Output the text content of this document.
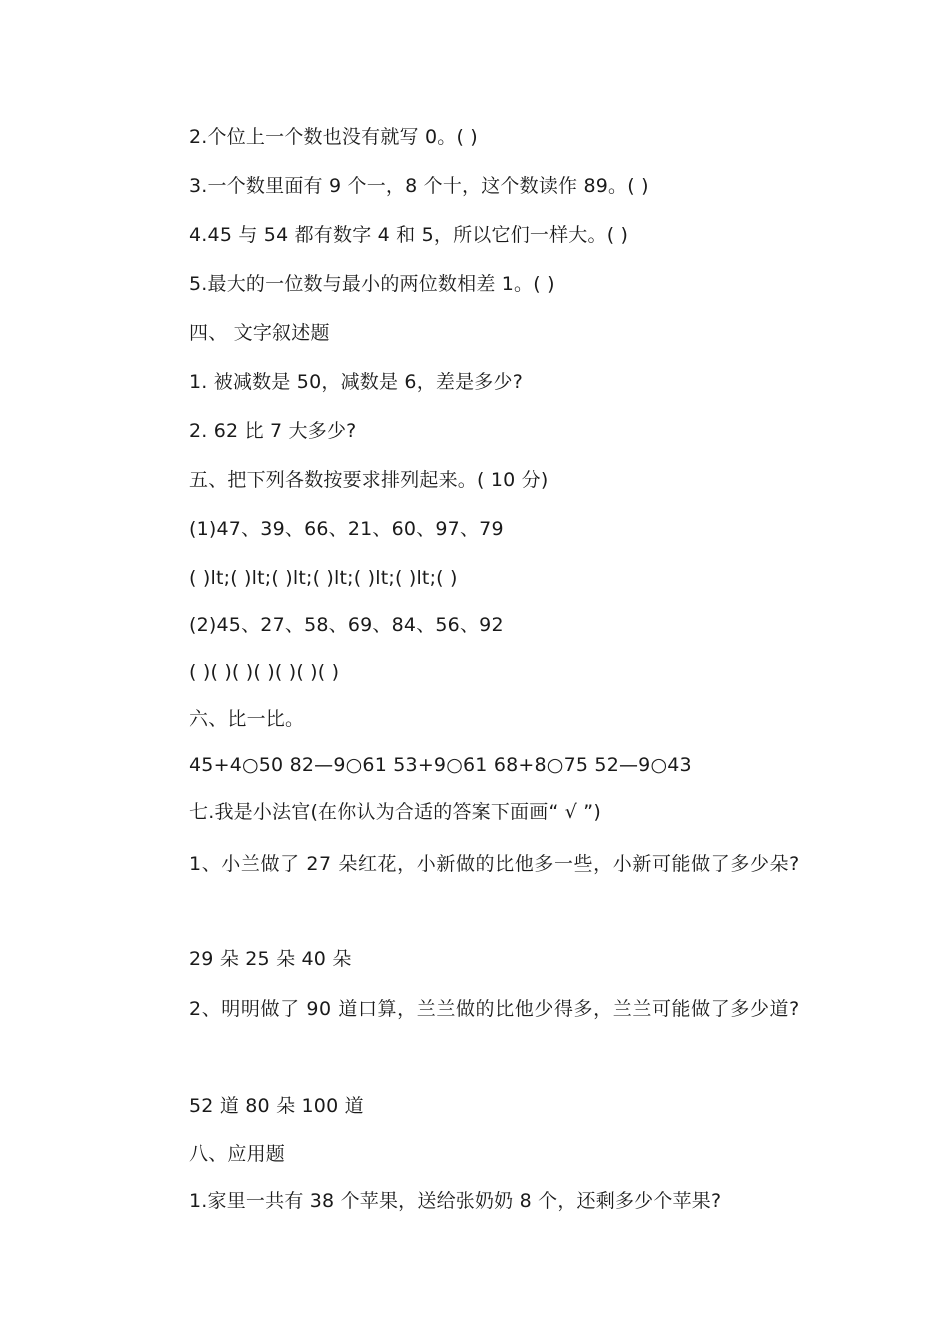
2.个位上一个数也没有就写 0。( )
3.一个数里面有 9 个一，8 个十，这个数读作 89。( )
4.45 与 54 都有数字 4 和 5，所以它们一样大。( )
5.最大的一位数与最小的两位数相差 1。( )
四、 文字叙述题
1. 被减数是 50，减数是 6，差是多少?
2. 62 比 7 大多少?
五、把下列各数按要求排列起来。( 10 分)
(1)47、39、66、21、60、97、79
( )lt;( )lt;( )lt;( )lt;( )lt;( )lt;( )
(2)45、27、58、69、84、56、92
( )( )( )( )( )( )( )
六、比一比。
45+4○50 82—9○61 53+9○61 68+8○75 52—9○43
七.我是小法官(在你认为合适的答案下面画“ √ ”)
1、小兰做了 27 朵红花，小新做的比他多一些，小新可能做了多少朵?
29 朵 25 朵 40 朵
2、明明做了 90 道口算，兰兰做的比他少得多，兰兰可能做了多少道?
52 道 80 朵 100 道
八、应用题
1.家里一共有 38 个苹果，送给张奶奶 8 个，还剩多少个苹果?
